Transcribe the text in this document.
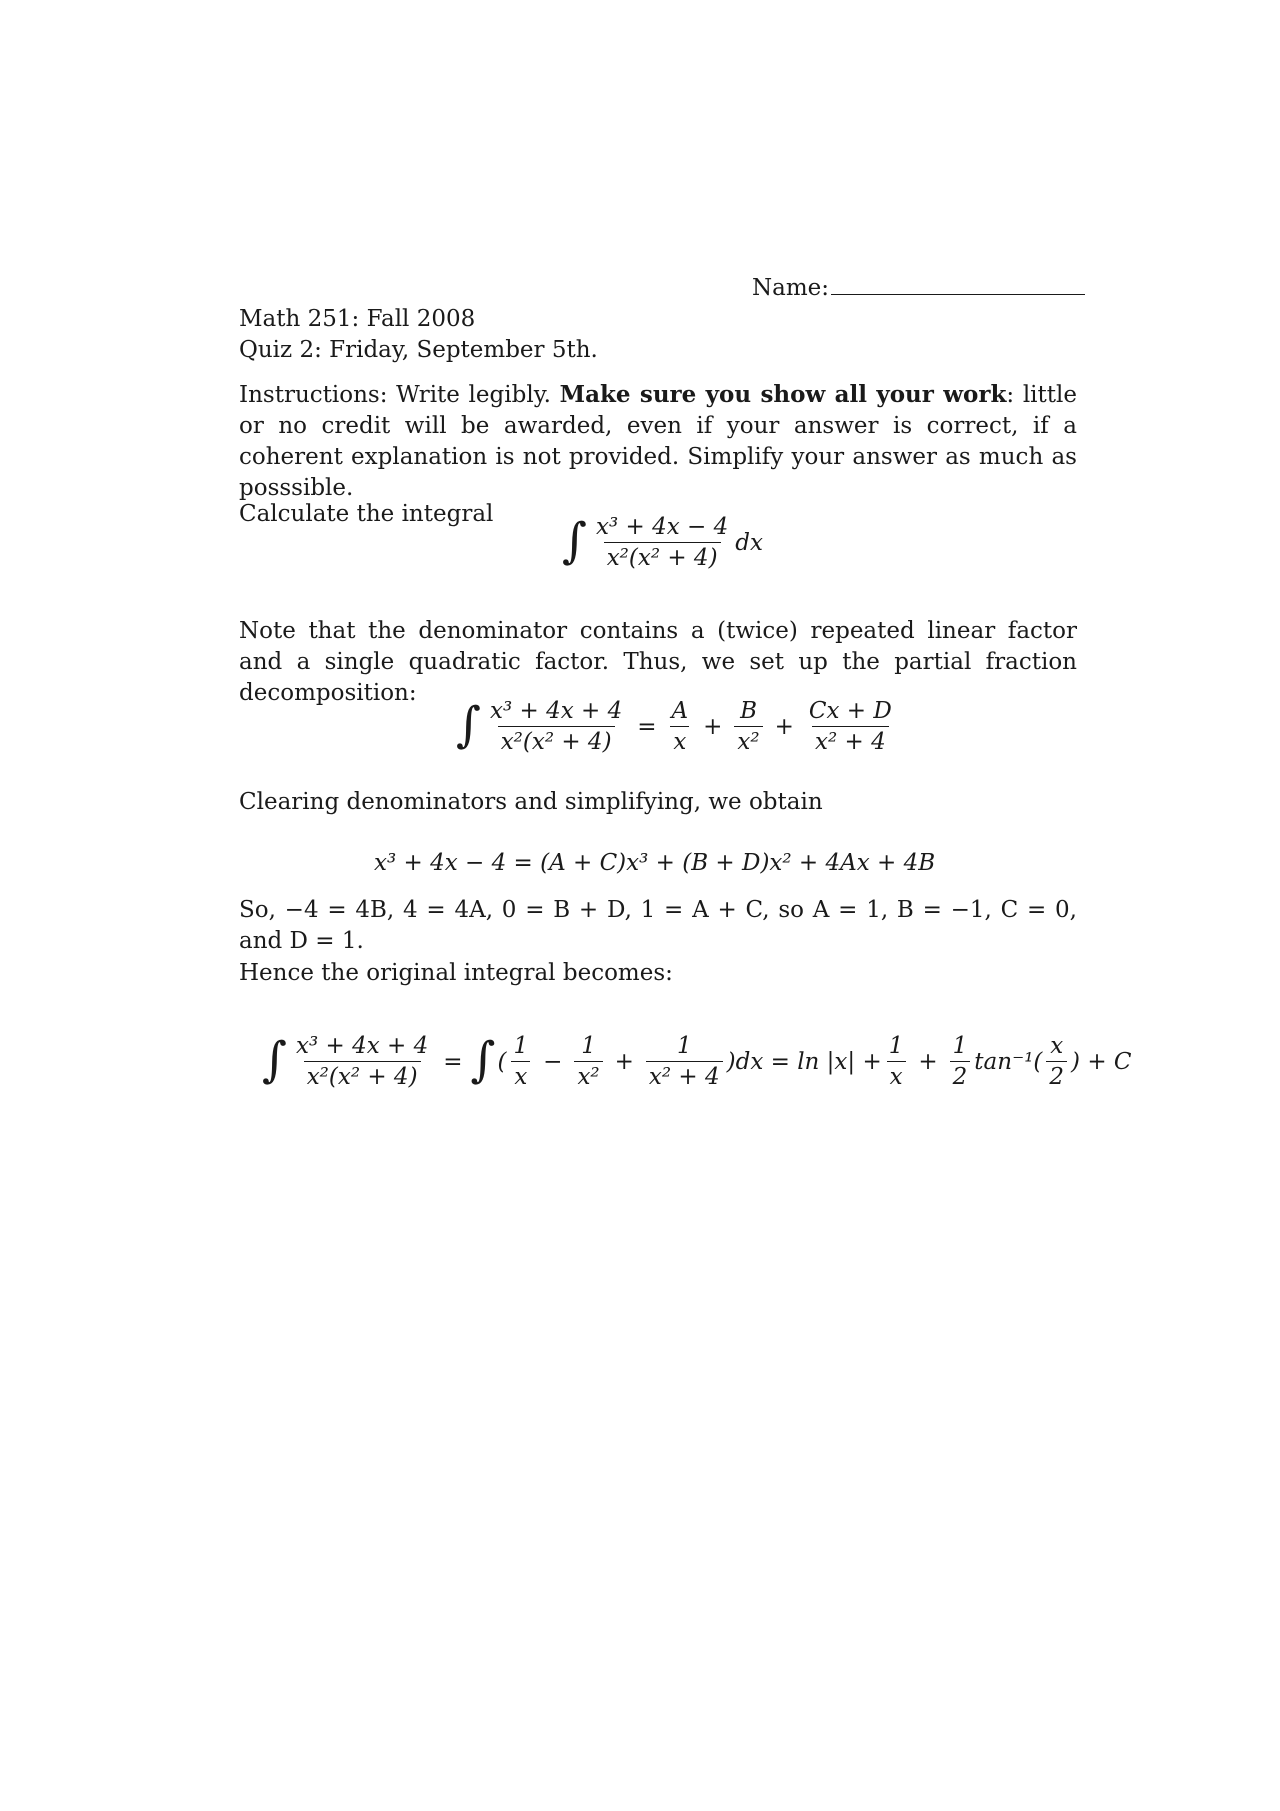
Name:
Math 251: Fall 2008
Quiz 2: Friday, September 5th.
Instructions: Write legibly. Make sure you show all your work: little or no credit will be awarded, even if your answer is correct, if a coherent explanation is not provided. Simplify your answer as much as posssible.
Calculate the integral ∫ $\frac{\text{x³ + 4x − 4}}{\text{x²(x² + 4)}}$ dx
Note that the denominator contains a (twice) repeated linear factor and a single quadratic factor. Thus, we set up the partial fraction decomposition:
∫ $\frac{\text{x³ + 4x + 4}}{\text{x²(x² + 4)}} = \frac{A}{x} + \frac{B}{\text{x²}} + \frac{Cx + D}{\text{x² + 4}}$
Clearing denominators and simplifying, we obtain
x³ + 4x − 4 = (A + C)x³ + (B + D)x² + 4Ax + 4B
So, −4 = 4B, 4 = 4A, 0 = B + D, 1 = A + C, so A = 1, B = −1, C = 0, and D = 1.
Hence the original integral becomes:
∫ $\frac{\text{x³ + 4x + 4}}{\text{x²(x² + 4)}}$ = ∫ ( $\frac{1}{x} - \frac{1}{\text{x²}} + \frac{1}{\text{x² + 4}} )dx = \ln |x| + \frac{1}{x} + \frac{1}{2} \tan^{-1}( \frac{x}{2}$ ) + C
